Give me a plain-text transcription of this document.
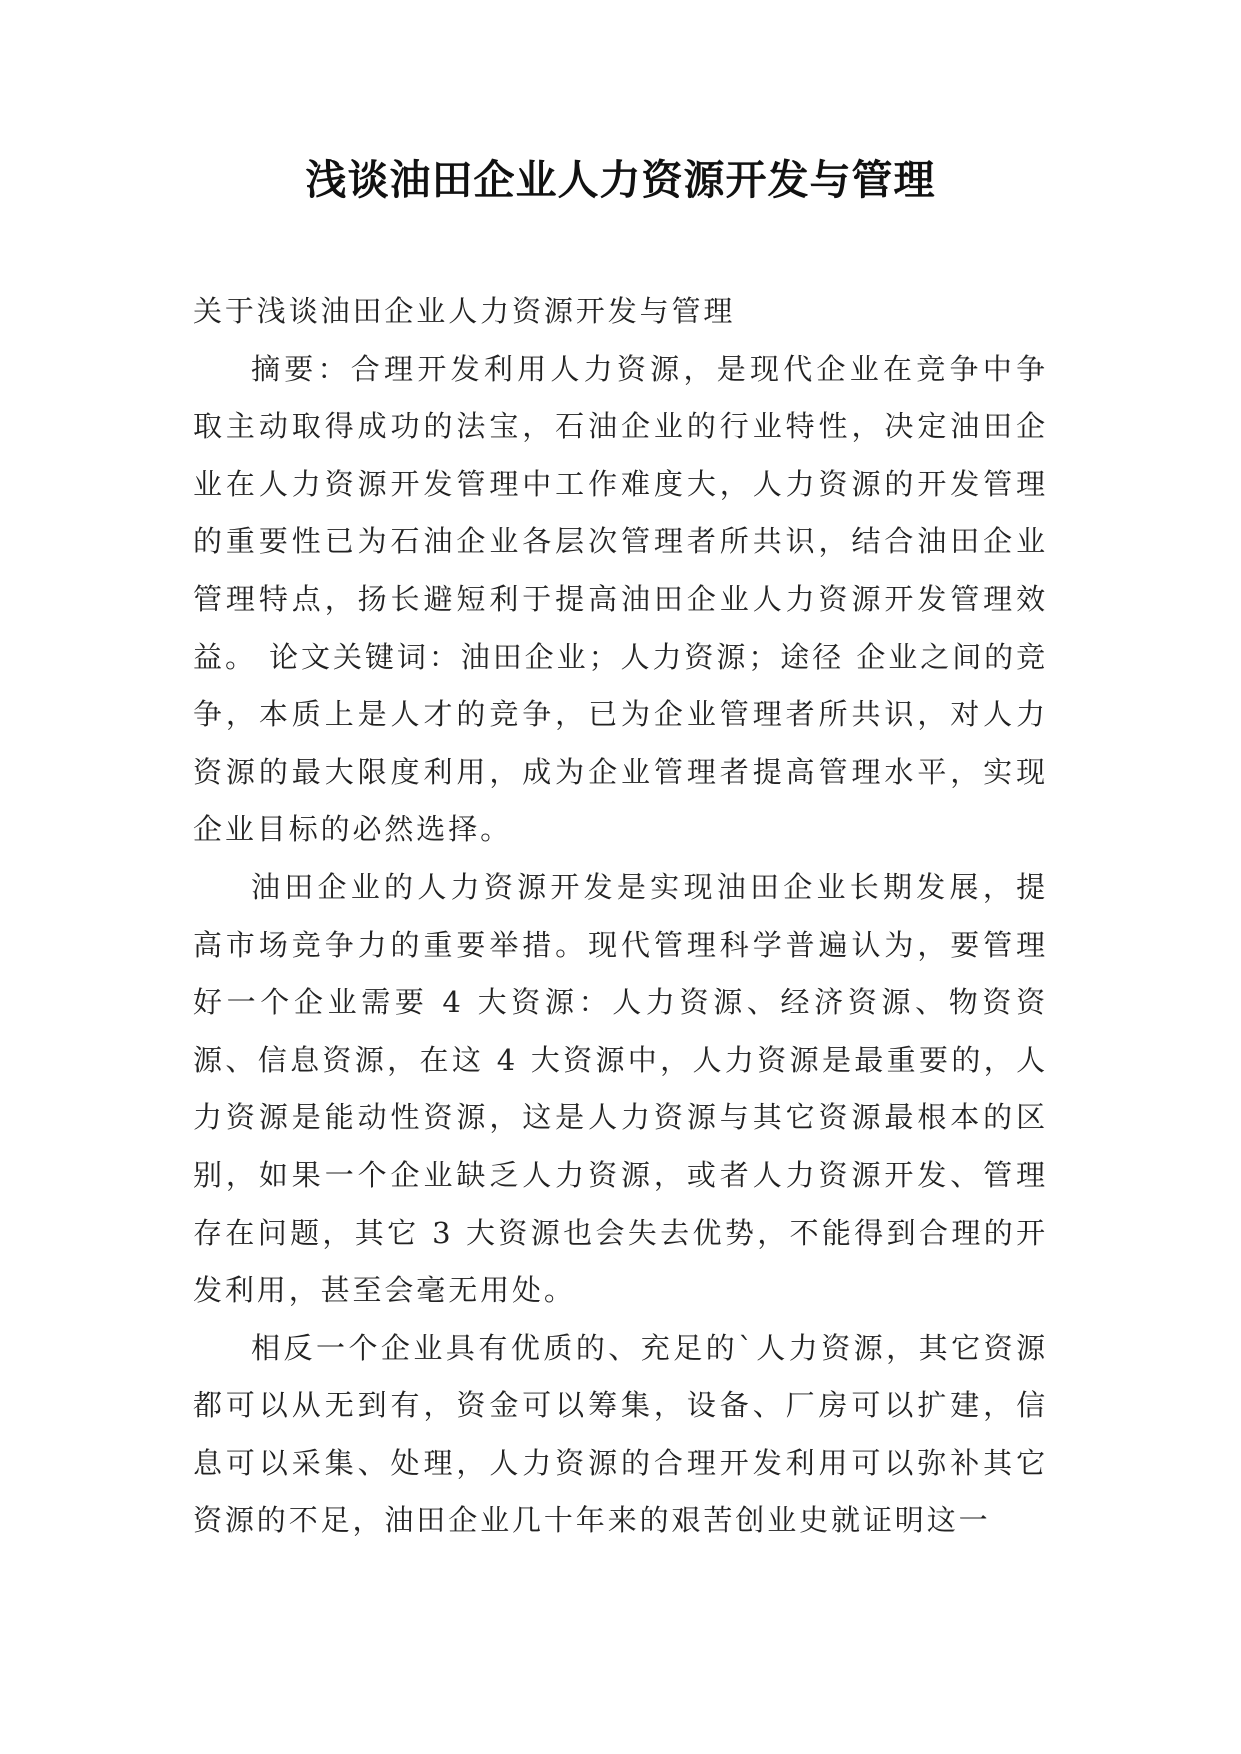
浅谈油田企业人力资源开发与管理

关于浅谈油田企业人力资源开发与管理

摘要：合理开发利用人力资源，是现代企业在竞争中争取主动取得成功的法宝，石油企业的行业特性，决定油田企业在人力资源开发管理中工作难度大，人力资源的开发管理的重要性已为石油企业各层次管理者所共识，结合油田企业管理特点，扬长避短利于提高油田企业人力资源开发管理效益。 论文关键词：油田企业；人力资源；途径 企业之间的竞争，本质上是人才的竞争，已为企业管理者所共识，对人力资源的最大限度利用，成为企业管理者提高管理水平，实现企业目标的必然选择。

油田企业的人力资源开发是实现油田企业长期发展，提高市场竞争力的重要举措。现代管理科学普遍认为，要管理好一个企业需要 4 大资源：人力资源、经济资源、物资资源、信息资源，在这 4 大资源中，人力资源是最重要的，人力资源是能动性资源，这是人力资源与其它资源最根本的区别，如果一个企业缺乏人力资源，或者人力资源开发、管理存在问题，其它 3 大资源也会失去优势，不能得到合理的开发利用，甚至会毫无用处。

相反一个企业具有优质的、充足的`人力资源，其它资源都可以从无到有，资金可以筹集，设备、厂房可以扩建，信息可以采集、处理，人力资源的合理开发利用可以弥补其它资源的不足，油田企业几十年来的艰苦创业史就证明这一
